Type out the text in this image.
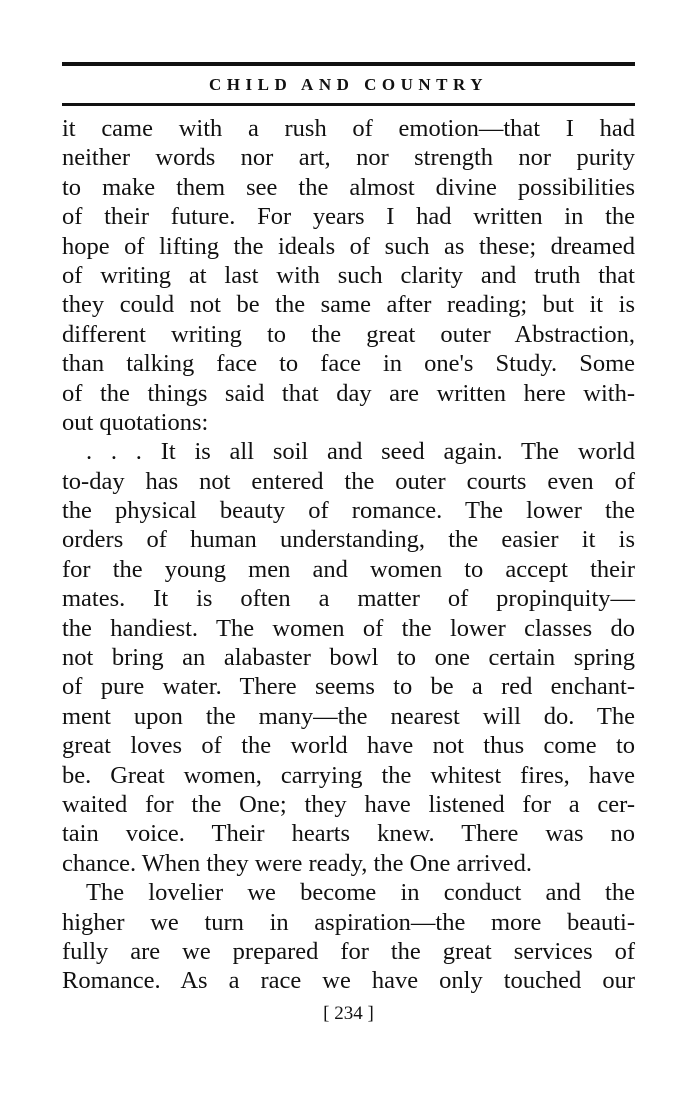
CHILD AND COUNTRY
it came with a rush of emotion—that I had
neither words nor art, nor strength nor purity
to make them see the almost divine possibilities
of their future. For years I had written in the
hope of lifting the ideals of such as these; dreamed
of writing at last with such clarity and truth that
they could not be the same after reading; but it is
different writing to the great outer Abstraction,
than talking face to face in one's Study. Some
of the things said that day are written here with-
out quotations:
. . . It is all soil and seed again. The world
to-day has not entered the outer courts even of
the physical beauty of romance. The lower the
orders of human understanding, the easier it is
for the young men and women to accept their
mates. It is often a matter of propinquity—
the handiest. The women of the lower classes do
not bring an alabaster bowl to one certain spring
of pure water. There seems to be a red enchant-
ment upon the many—the nearest will do. The
great loves of the world have not thus come to
be. Great women, carrying the whitest fires, have
waited for the One; they have listened for a cer-
tain voice. Their hearts knew. There was no
chance. When they were ready, the One arrived.
The lovelier we become in conduct and the
higher we turn in aspiration—the more beauti-
fully are we prepared for the great services of
Romance. As a race we have only touched our
[ 234 ]
